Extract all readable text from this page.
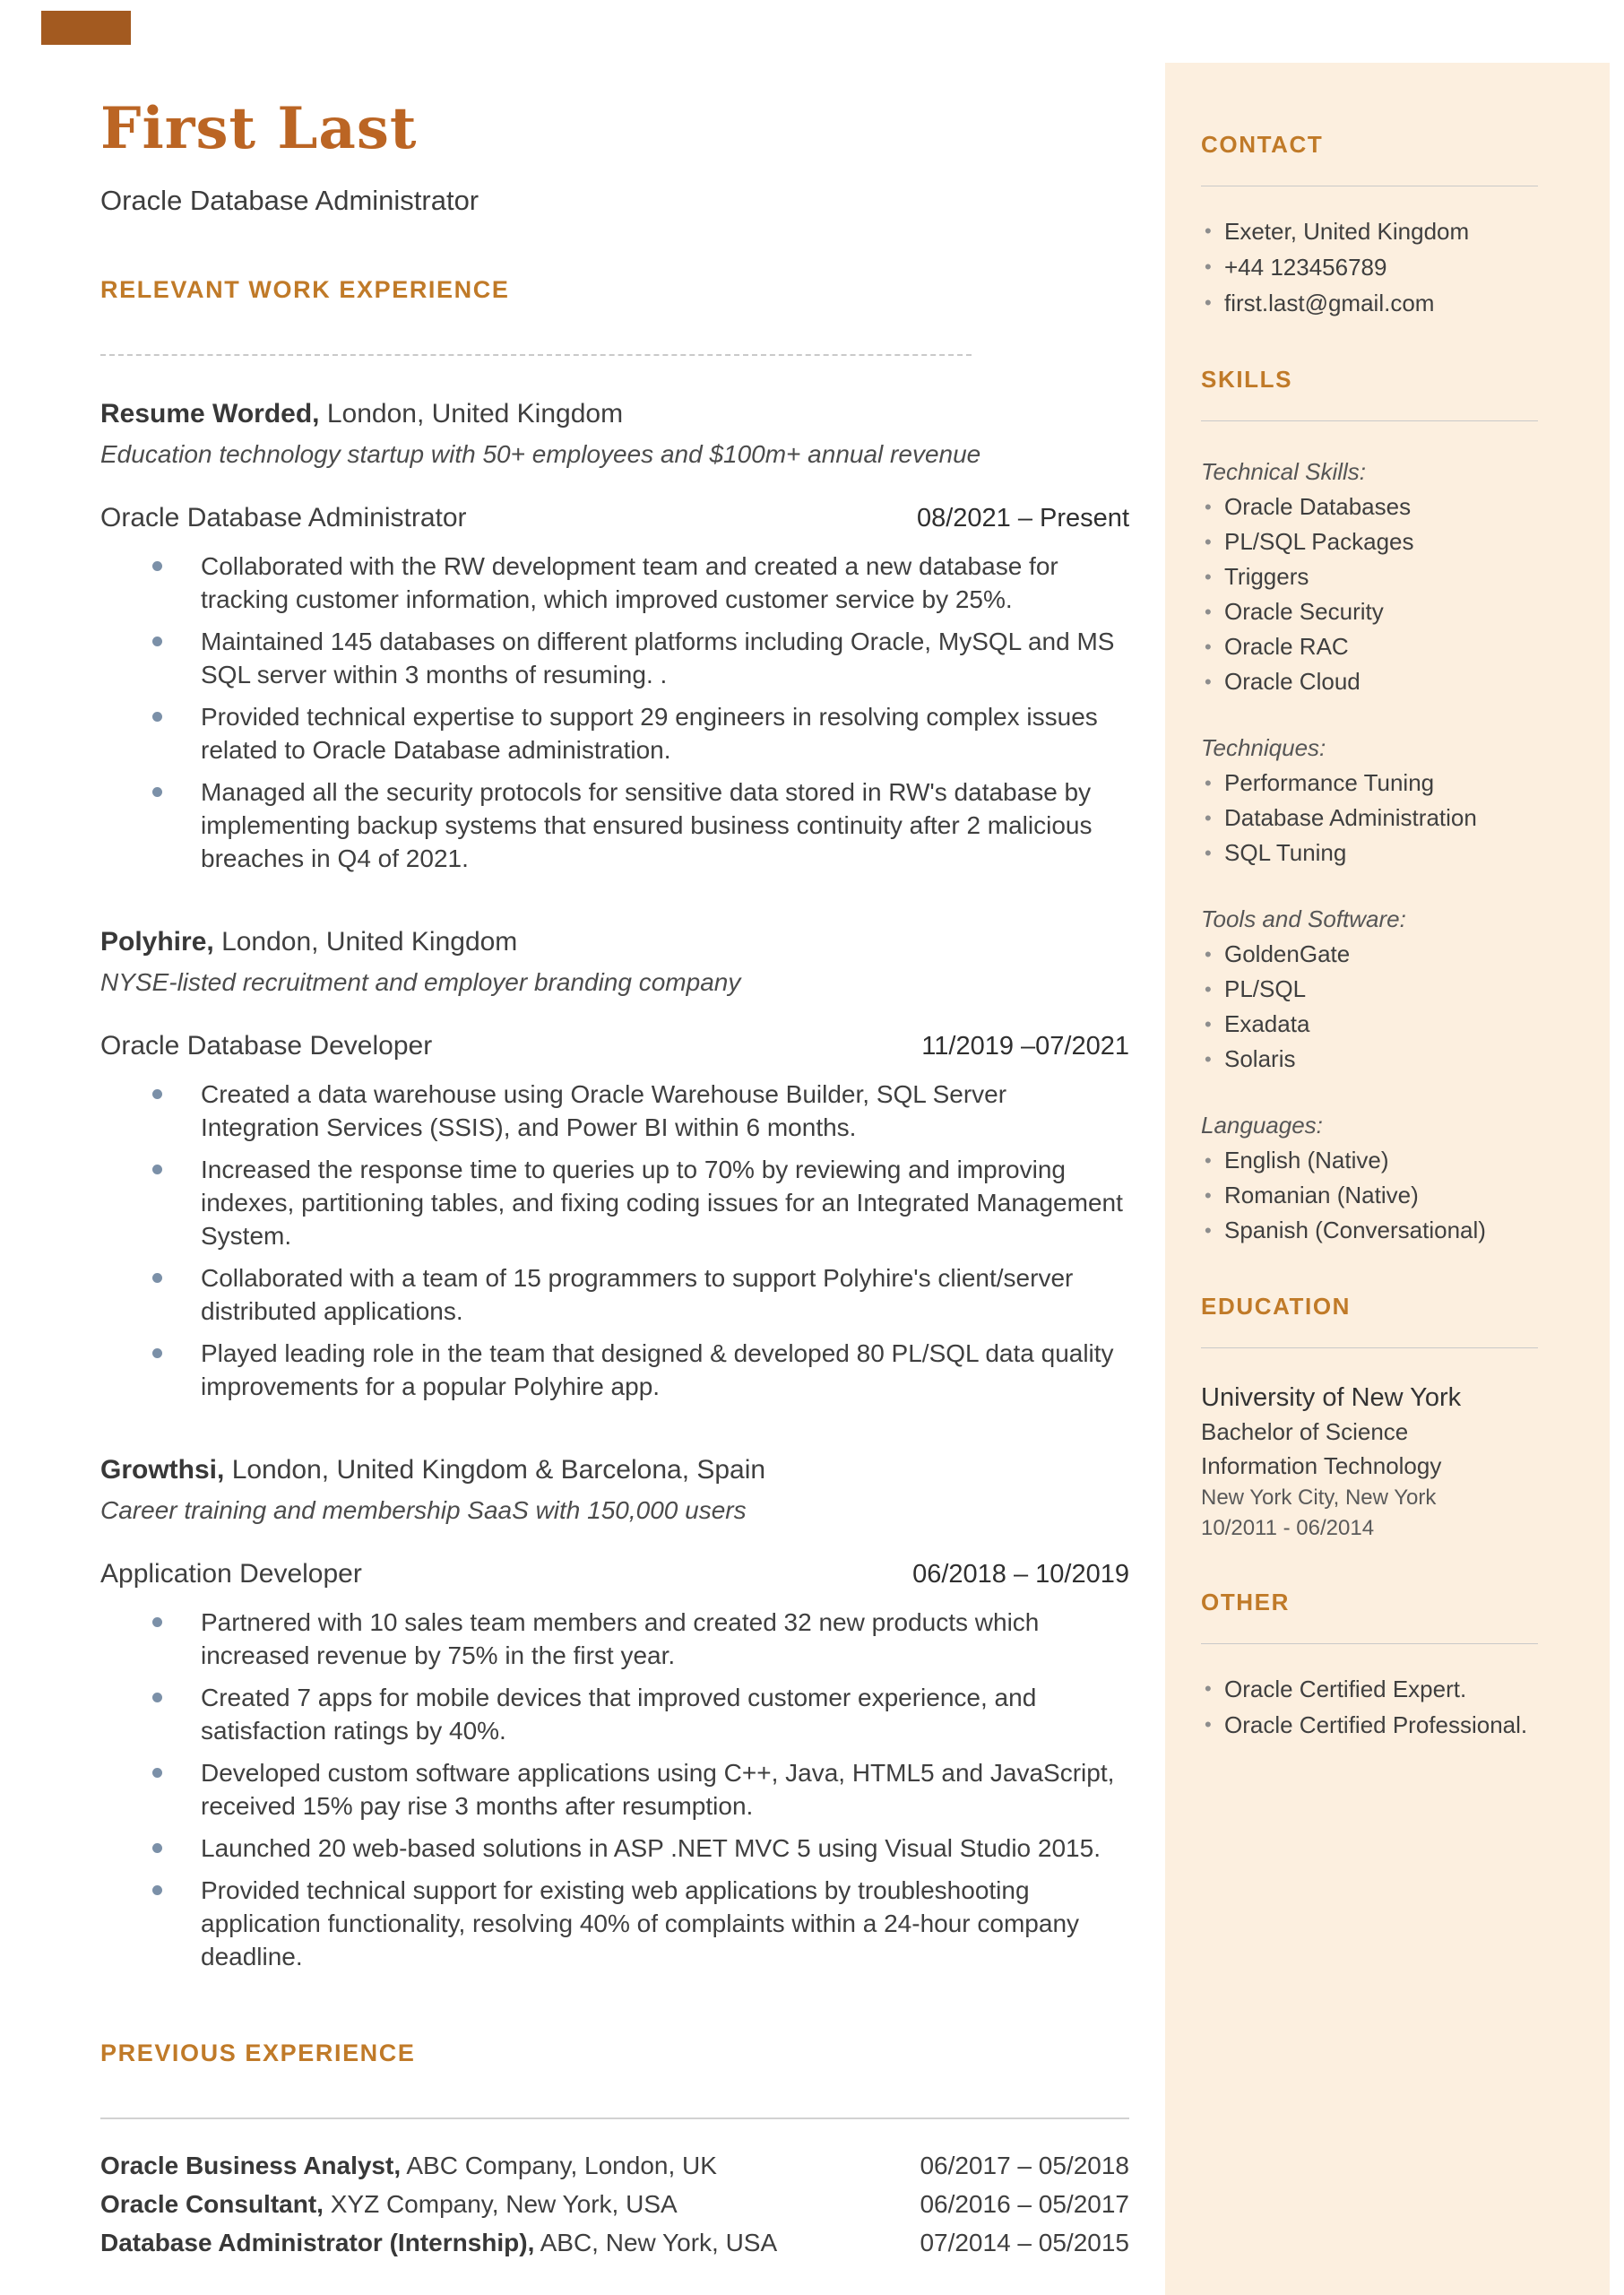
First Last
Oracle Database Administrator
RELEVANT WORK EXPERIENCE
Resume Worded, London, United Kingdom
Education technology startup with 50+ employees and $100m+ annual revenue
Oracle Database Administrator	08/2021 – Present
Collaborated with the RW development team and created a new database for tracking customer information, which improved customer service by 25%.
Maintained 145 databases on different platforms including Oracle, MySQL and MS SQL server within 3 months of resuming. .
Provided technical expertise to support 29 engineers in resolving complex issues related to Oracle Database administration.
Managed all the security protocols for sensitive data stored in RW's database by implementing backup systems that ensured business continuity after 2 malicious breaches in Q4 of 2021.
Polyhire, London, United Kingdom
NYSE-listed recruitment and employer branding company
Oracle Database Developer	11/2019 –07/2021
Created a data warehouse using Oracle Warehouse Builder, SQL Server Integration Services (SSIS), and Power BI within 6 months.
Increased the response time to queries up to 70% by reviewing and improving indexes, partitioning tables, and fixing coding issues for an Integrated Management System.
Collaborated with a team of 15 programmers to support Polyhire's client/server distributed applications.
Played leading role in the team that designed & developed 80 PL/SQL data quality improvements for a popular Polyhire app.
Growthsi, London, United Kingdom & Barcelona, Spain
Career training and membership SaaS with 150,000 users
Application Developer	06/2018 – 10/2019
Partnered with 10 sales team members and created 32 new products which increased revenue by 75% in the first year.
Created 7 apps for mobile devices that improved customer experience, and satisfaction ratings by 40%.
Developed custom software applications using C++, Java, HTML5 and JavaScript, received 15% pay rise 3 months after resumption.
Launched 20 web-based solutions in ASP .NET MVC 5 using Visual Studio 2015.
Provided technical support for existing web applications by troubleshooting application functionality, resolving 40% of complaints within a 24-hour company deadline.
PREVIOUS EXPERIENCE
Oracle Business Analyst, ABC Company, London, UK	06/2017 – 05/2018
Oracle Consultant, XYZ Company, New York, USA	06/2016 – 05/2017
Database Administrator (Internship), ABC, New York, USA	07/2014 – 05/2015
CONTACT
• Exeter, United Kingdom
• +44 123456789
• first.last@gmail.com
SKILLS
Technical Skills:
• Oracle Databases
• PL/SQL Packages
• Triggers
• Oracle Security
• Oracle RAC
• Oracle Cloud
Techniques:
• Performance Tuning
• Database Administration
• SQL Tuning
Tools and Software:
• GoldenGate
• PL/SQL
• Exadata
• Solaris
Languages:
• English (Native)
• Romanian (Native)
• Spanish (Conversational)
EDUCATION
University of New York
Bachelor of Science
Information Technology
New York City, New York
10/2011 - 06/2014
OTHER
• Oracle Certified Expert.
• Oracle Certified Professional.
